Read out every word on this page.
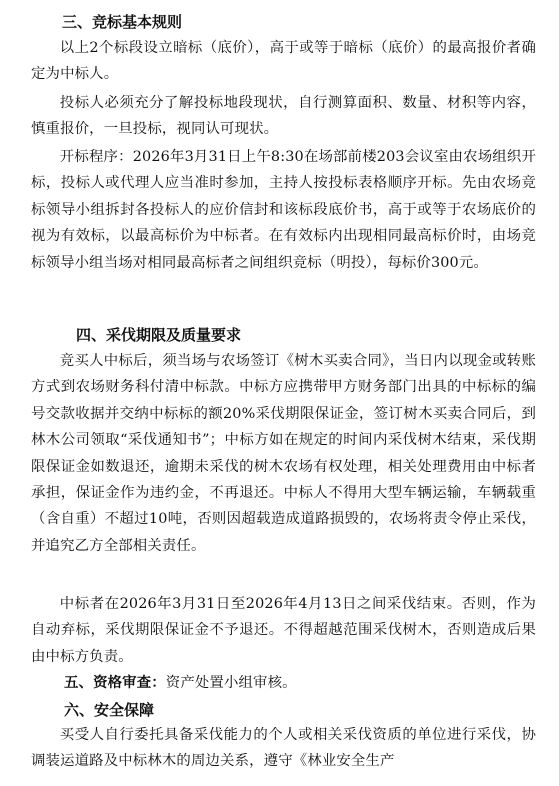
三、竞标基本规则
以上2个标段设立暗标（底价），高于或等于暗标（底价）的最高报价者确定为中标人。
投标人必须充分了解投标地段现状，自行测算面积、数量、材积等内容，慎重报价，一旦投标，视同认可现状。
开标程序：2026年3月31日上午8:30在场部前楼203会议室由农场组织开标，投标人或代理人应当准时参加，主持人按投标表格顺序开标。先由农场竞标领导小组拆封各投标人的应价信封和该标段底价书，高于或等于农场底价的视为有效标，以最高标价为中标者。在有效标内出现相同最高标价时，由场竞标领导小组当场对相同最高标者之间组织竞标（明投），每标价300元。
四、采伐期限及质量要求
竞买人中标后，须当场与农场签订《树木买卖合同》，当日内以现金或转账方式到农场财务科付清中标款。中标方应携带甲方财务部门出具的中标标的编号交款收据并交纳中标标的额20%采伐期限保证金，签订树木买卖合同后，到林木公司领取“采伐通知书”；中标方如在规定的时间内采伐树木结束，采伐期限保证金如数退还，逾期未采伐的树木农场有权处理，相关处理费用由中标者承担，保证金作为违约金，不再退还。中标人不得用大型车辆运输，车辆载重（含自重）不超过10吨，否则因超载造成道路损毁的，农场将责令停止采伐，并追究乙方全部相关责任。
中标者在2026年3月31日至2026年4月13日之间采伐结束。否则，作为自动弃标，采伐期限保证金不予退还。不得超越范围采伐树木，否则造成后果由中标方负责。
五、资格审查：资产处置小组审核。
六、安全保障
买受人自行委托具备采伐能力的个人或相关采伐资质的单位进行采伐，协调装运道路及中标林木的周边关系，遵守《林业安全生产
